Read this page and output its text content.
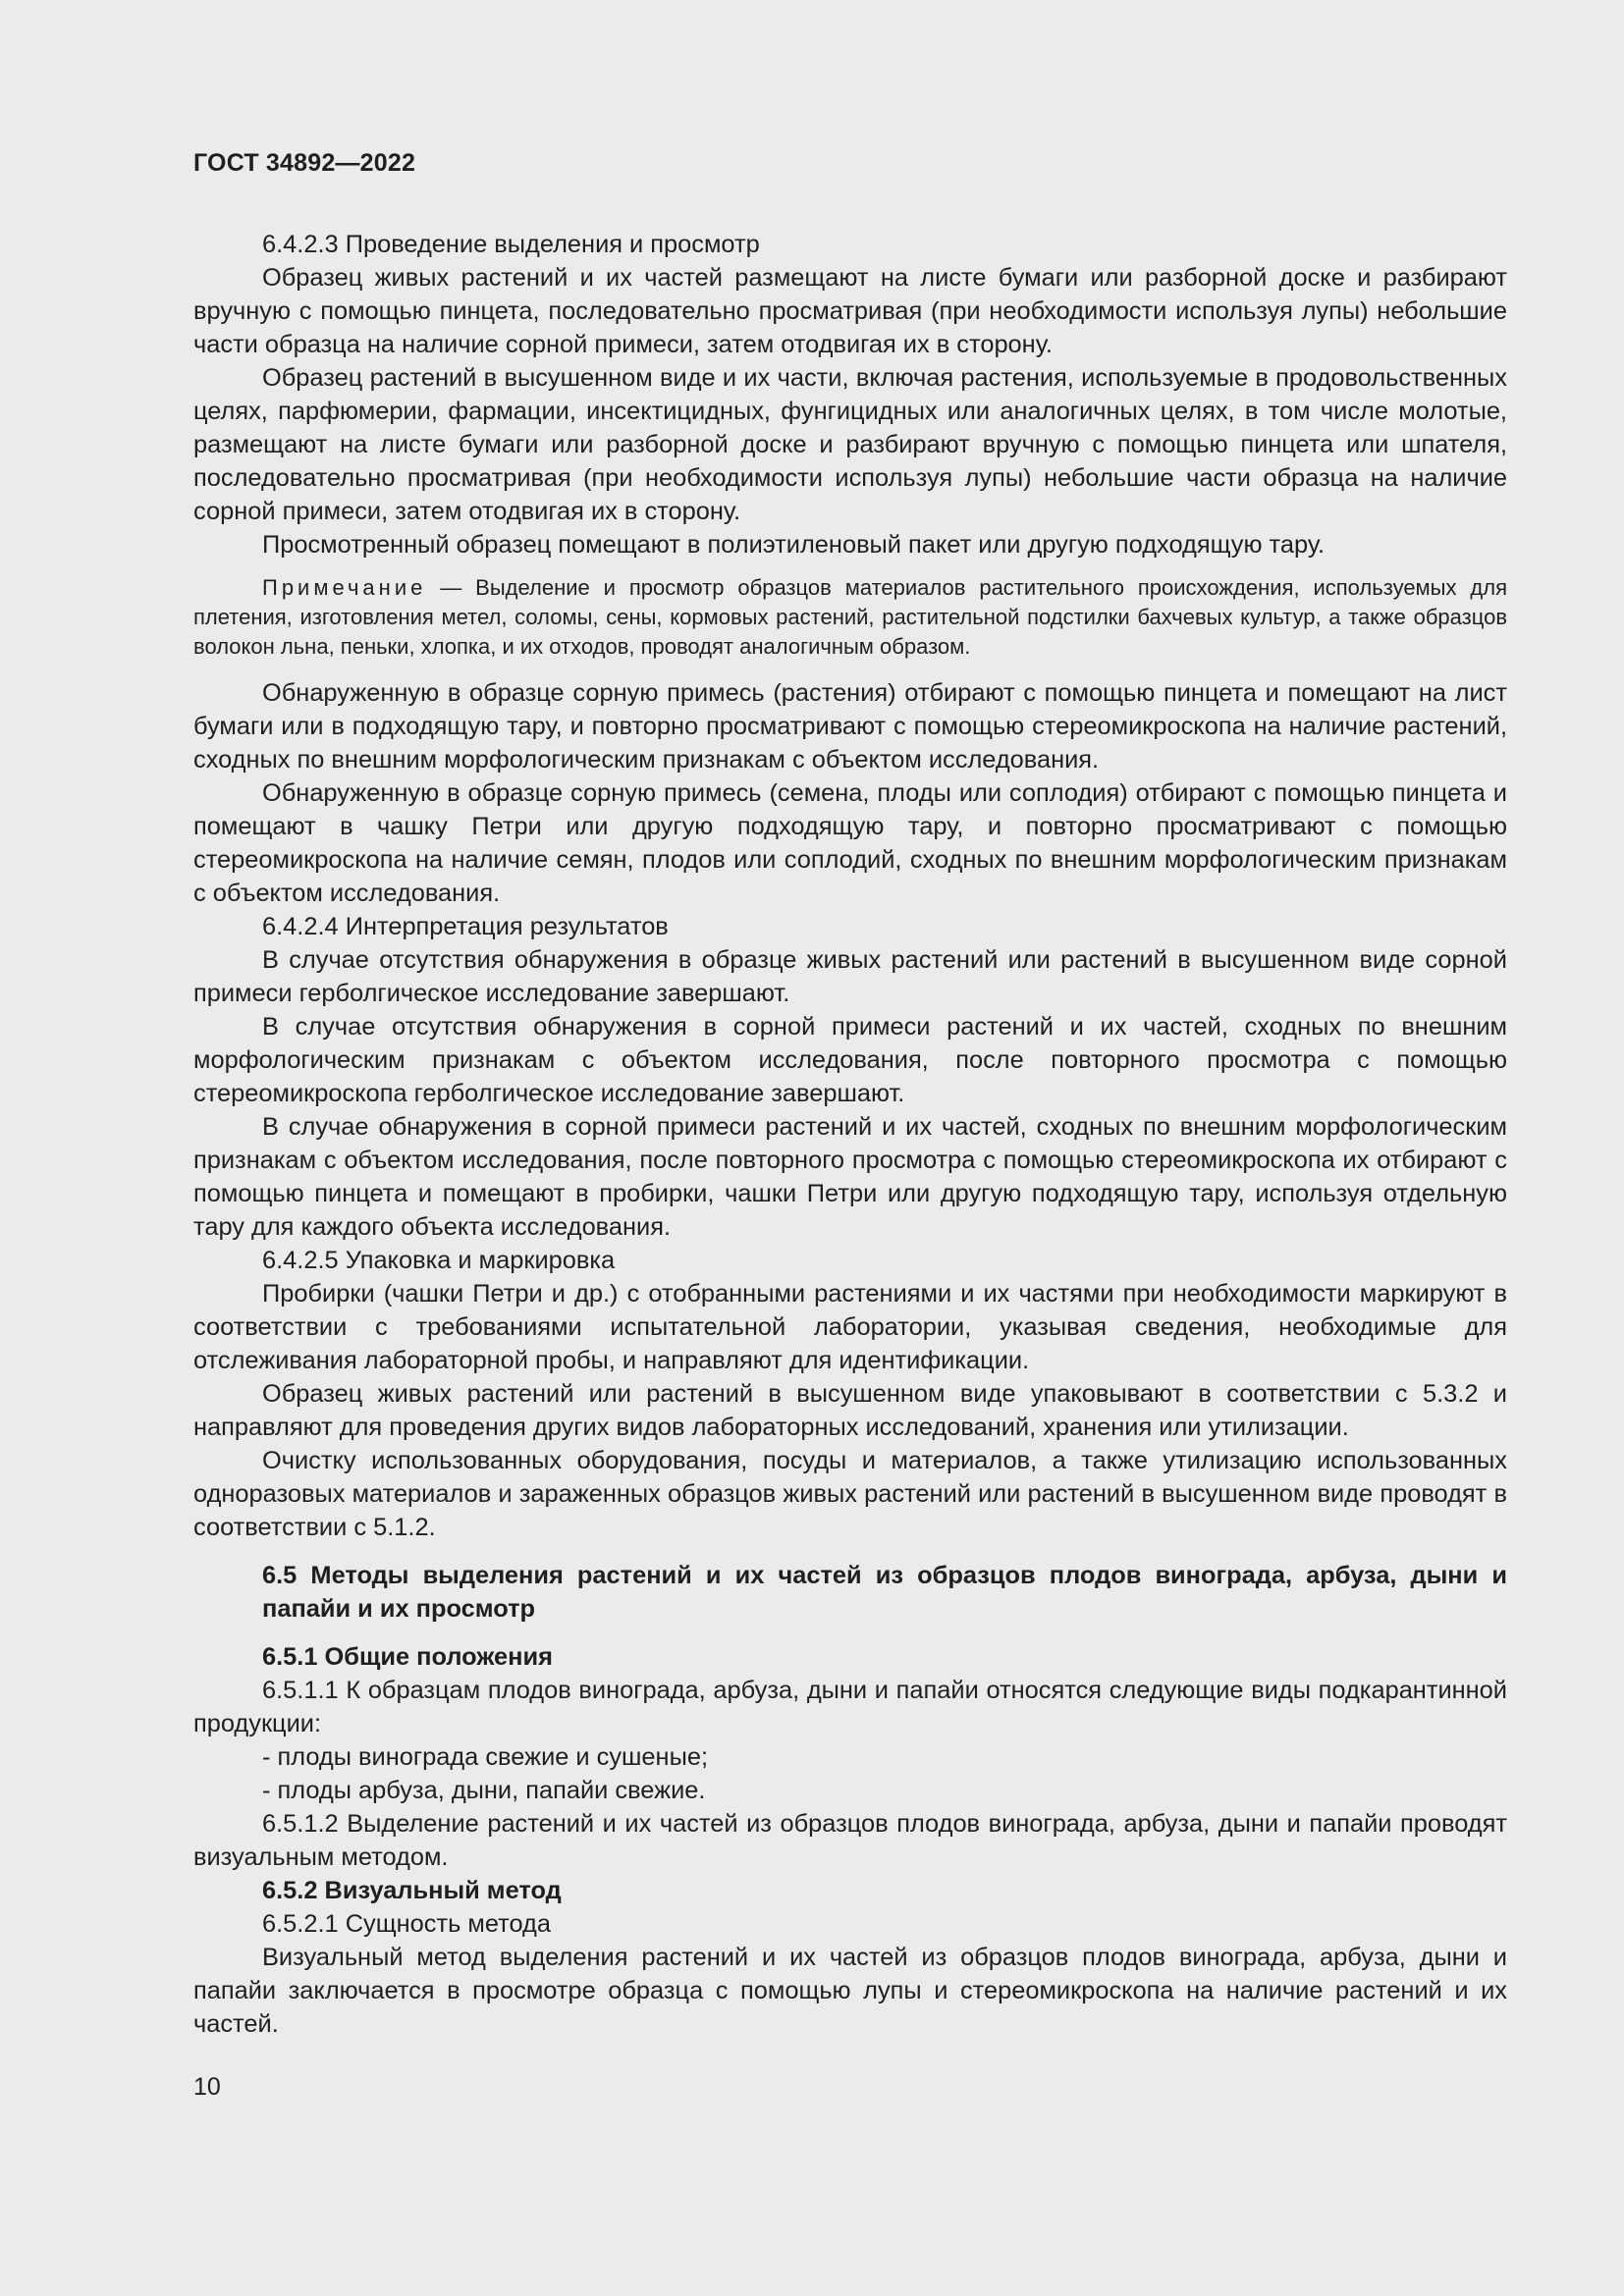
ГОСТ 34892—2022

6.4.2.3 Проведение выделения и просмотр

Образец живых растений и их частей размещают на листе бумаги или разборной доске и разбирают вручную с помощью пинцета, последовательно просматривая (при необходимости используя лупы) небольшие части образца на наличие сорной примеси, затем отодвигая их в сторону.

Образец растений в высушенном виде и их части, включая растения, используемые в продовольственных целях, парфюмерии, фармации, инсектицидных, фунгицидных или аналогичных целях, в том числе молотые, размещают на листе бумаги или разборной доске и разбирают вручную с помощью пинцета или шпателя, последовательно просматривая (при необходимости используя лупы) небольшие части образца на наличие сорной примеси, затем отодвигая их в сторону.

Просмотренный образец помещают в полиэтиленовый пакет или другую подходящую тару.

Примечание — Выделение и просмотр образцов материалов растительного происхождения, используемых для плетения, изготовления метел, соломы, сены, кормовых растений, растительной подстилки бахчевых культур, а также образцов волокон льна, пеньки, хлопка, и их отходов, проводят аналогичным образом.

Обнаруженную в образце сорную примесь (растения) отбирают с помощью пинцета и помещают на лист бумаги или в подходящую тару, и повторно просматривают с помощью стереомикроскопа на наличие растений, сходных по внешним морфологическим признакам с объектом исследования.

Обнаруженную в образце сорную примесь (семена, плоды или соплодия) отбирают с помощью пинцета и помещают в чашку Петри или другую подходящую тару, и повторно просматривают с помощью стереомикроскопа на наличие семян, плодов или соплодий, сходных по внешним морфологическим признакам с объектом исследования.

6.4.2.4 Интерпретация результатов

В случае отсутствия обнаружения в образце живых растений или растений в высушенном виде сорной примеси герболгическое исследование завершают.

В случае отсутствия обнаружения в сорной примеси растений и их частей, сходных по внешним морфологическим признакам с объектом исследования, после повторного просмотра с помощью стереомикроскопа герболгическое исследование завершают.

В случае обнаружения в сорной примеси растений и их частей, сходных по внешним морфологическим признакам с объектом исследования, после повторного просмотра с помощью стереомикроскопа их отбирают с помощью пинцета и помещают в пробирки, чашки Петри или другую подходящую тару, используя отдельную тару для каждого объекта исследования.

6.4.2.5 Упаковка и маркировка

Пробирки (чашки Петри и др.) с отобранными растениями и их частями при необходимости маркируют в соответствии с требованиями испытательной лаборатории, указывая сведения, необходимые для отслеживания лабораторной пробы, и направляют для идентификации.

Образец живых растений или растений в высушенном виде упаковывают в соответствии с 5.3.2 и направляют для проведения других видов лабораторных исследований, хранения или утилизации.

Очистку использованных оборудования, посуды и материалов, а также утилизацию использованных одноразовых материалов и зараженных образцов живых растений или растений в высушенном виде проводят в соответствии с 5.1.2.

6.5 Методы выделения растений и их частей из образцов плодов винограда, арбуза, дыни и папайи и их просмотр

6.5.1 Общие положения

6.5.1.1 К образцам плодов винограда, арбуза, дыни и папайи относятся следующие виды подкарантинной продукции:

- плоды винограда свежие и сушеные;

- плоды арбуза, дыни, папайи свежие.

6.5.1.2 Выделение растений и их частей из образцов плодов винограда, арбуза, дыни и папайи проводят визуальным методом.

6.5.2 Визуальный метод

6.5.2.1 Сущность метода

Визуальный метод выделения растений и их частей из образцов плодов винограда, арбуза, дыни и папайи заключается в просмотре образца с помощью лупы и стереомикроскопа на наличие растений и их частей.

10
